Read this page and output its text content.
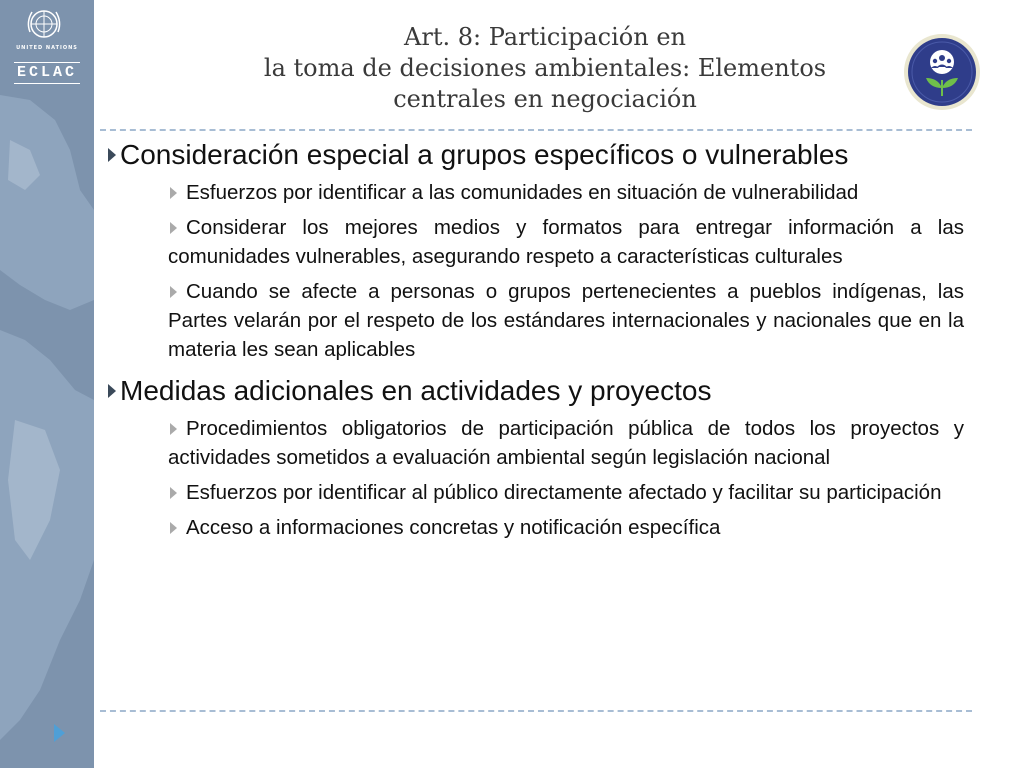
UNITED NATIONS
ECLAC
Art. 8: Participación en
la toma de decisiones ambientales: Elementos
centrales en negociación
Consideración especial a grupos específicos o vulnerables
Esfuerzos por identificar a las comunidades en situación de vulnerabilidad
Considerar los mejores medios y formatos para entregar información a las comunidades vulnerables, asegurando respeto a características culturales
Cuando se afecte a personas o grupos pertenecientes a pueblos indígenas, las Partes velarán por el respeto de los estándares internacionales y nacionales que en la materia les sean aplicables
Medidas adicionales en actividades y proyectos
Procedimientos obligatorios de participación pública de todos los proyectos y actividades sometidos a evaluación ambiental según legislación nacional
Esfuerzos por identificar al público directamente afectado y facilitar su participación
Acceso a informaciones concretas y notificación específica
